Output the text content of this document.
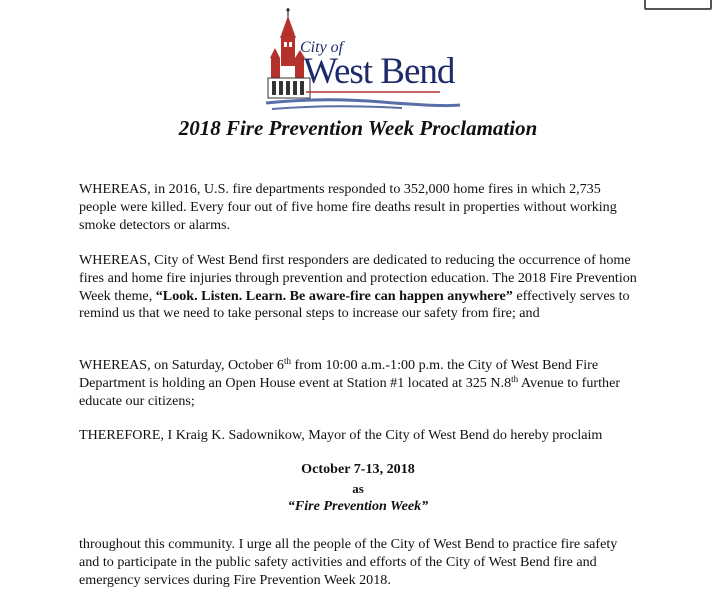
City of
West Bend
2018 Fire Prevention Week Proclamation

WHEREAS, in 2016, U.S. fire departments responded to 352,000 home fires in which 2,735 people were killed. Every four out of five home fire deaths result in properties without working smoke detectors or alarms.

WHEREAS, City of West Bend first responders are dedicated to reducing the occurrence of home fires and home fire injuries through prevention and protection education. The 2018 Fire Prevention Week theme, “Look. Listen. Learn. Be aware-fire can happen anywhere” effectively serves to remind us that we need to take personal steps to increase our safety from fire; and

WHEREAS, on Saturday, October 6th from 10:00 a.m.-1:00 p.m. the City of West Bend Fire Department is holding an Open House event at Station #1 located at 325 N.8th Avenue to further educate our citizens;

THEREFORE, I Kraig K. Sadownikow, Mayor of the City of West Bend do hereby proclaim

October 7-13, 2018
as
“Fire Prevention Week”

throughout this community. I urge all the people of the City of West Bend to practice fire safety and to participate in the public safety activities and efforts of the City of West Bend fire and emergency services during Fire Prevention Week 2018.
